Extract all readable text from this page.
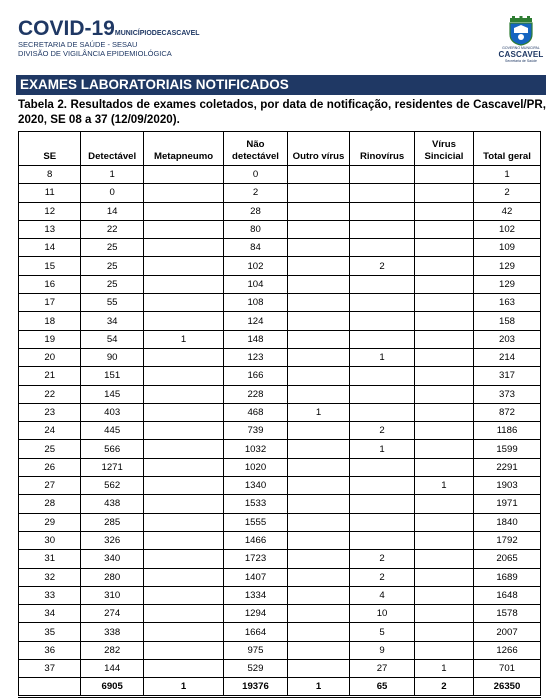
COVID-19MUNICÍPIODECASCAVEL
SECRETARIA DE SAÚDE - SESAU
DIVISÃO DE VIGILÂNCIA EPIDEMIOLÓGICA
GOVERNO MUNICIPAL
CASCAVEL
Secretaria de Saúde
EXAMES LABORATORIAIS NOTIFICADOS
Tabela 2. Resultados de exames coletados, por data de notificação, residentes de Cascavel/PR, 2020, SE 08 a 37 (12/09/2020).
SE	Detectável	Metapneumo	Não detectável	Outro vírus	Rinovírus	Vírus Sincicial	Total geral
8	1		0				1
11	0		2				2
12	14		28				42
13	22		80				102
14	25		84				109
15	25		102		2		129
16	25		104				129
17	55		108				163
18	34		124				158
19	54	1	148				203
20	90		123		1		214
21	151		166				317
22	145		228				373
23	403		468	1			872
24	445		739		2		1186
25	566		1032		1		1599
26	1271		1020				2291
27	562		1340			1	1903
28	438		1533				1971
29	285		1555				1840
30	326		1466				1792
31	340		1723		2		2065
32	280		1407		2		1689
33	310		1334		4		1648
34	274		1294		10		1578
35	338		1664		5		2007
36	282		975		9		1266
37	144		529		27	1	701
	6905	1	19376	1	65	2	26350
